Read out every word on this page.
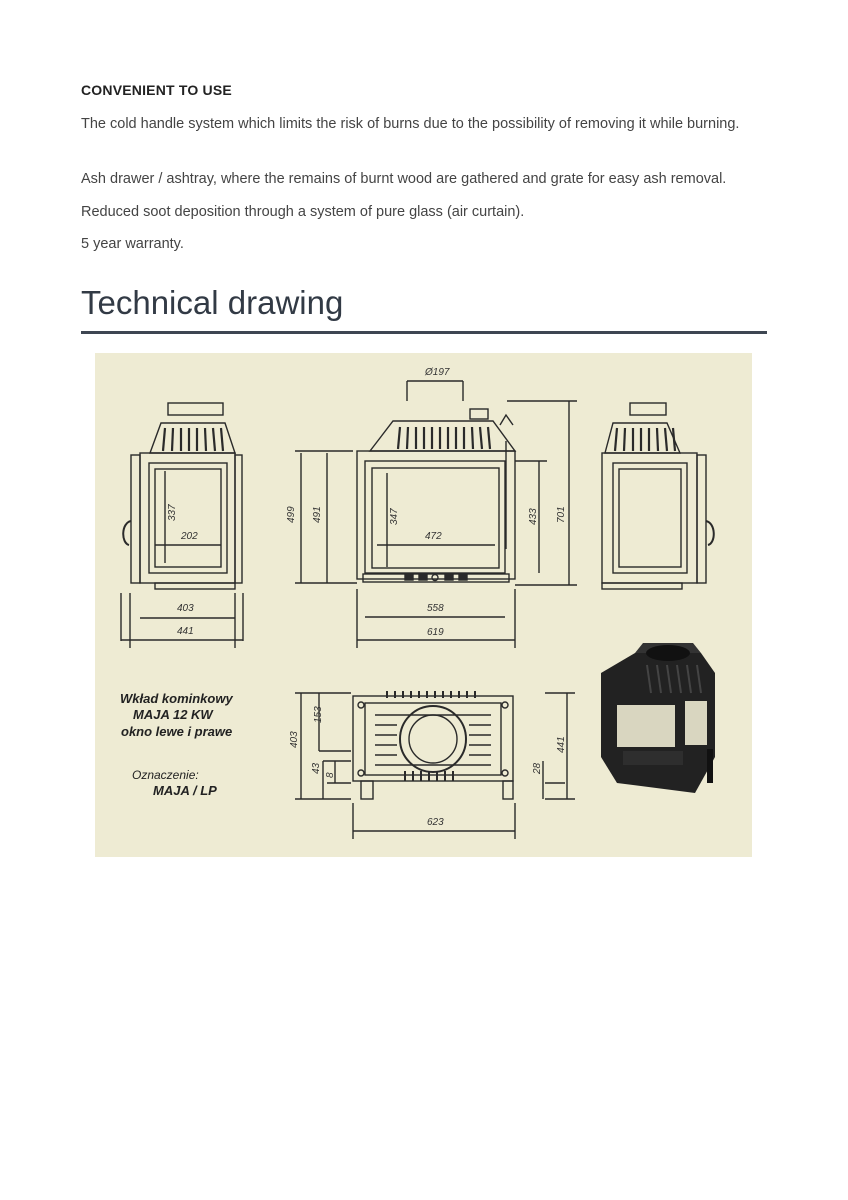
CONVENIENT TO USE
The cold handle system which limits the risk of burns due to the possibility of removing it while burning.
Ash drawer / ashtray, where the remains of burnt wood are gathered and grate for easy ash removal.
Reduced soot deposition through a system of pure glass (air curtain).
5 year warranty.
Technical drawing
Ø197
337
202
403
441
499 491	347
472
433 701
558
619
153
403
43
8
28
441
623
Wkład kominkowy
MAJA 12 KW
okno lewe i prawe
Oznaczenie:
MAJA / LP
